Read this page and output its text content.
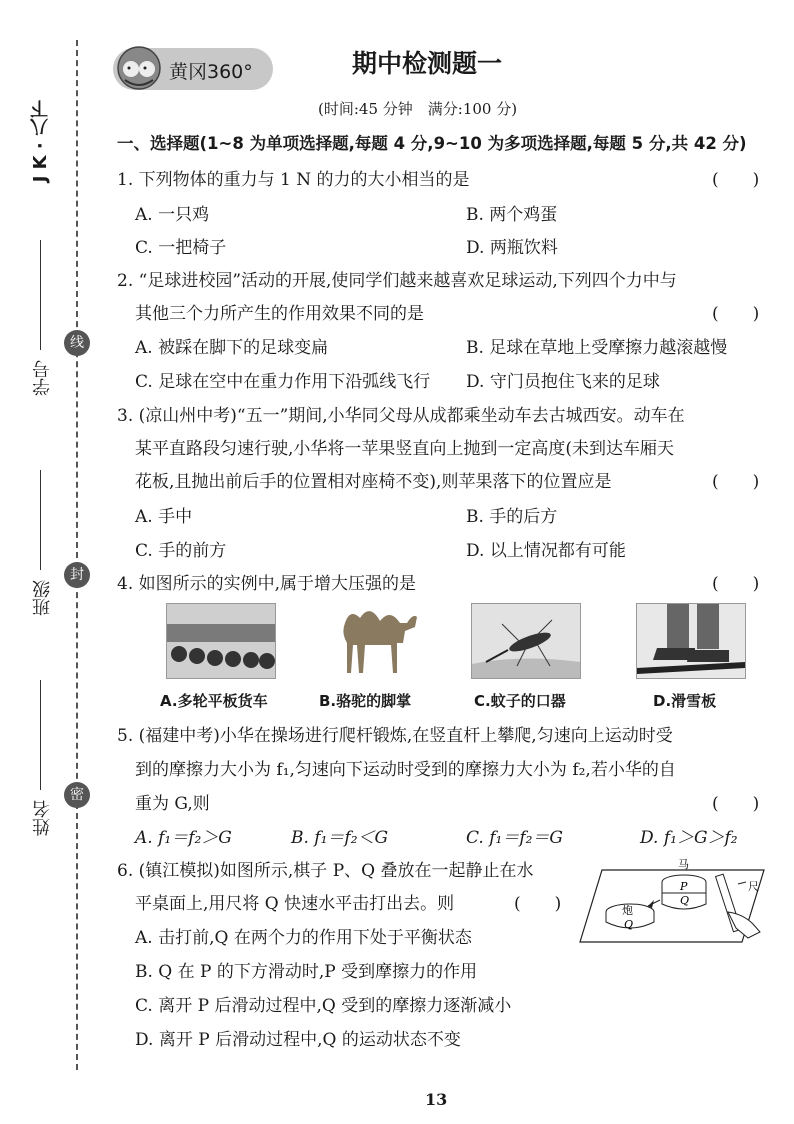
J K · 八下
学号
班级
姓名
线
封
密
黄冈360°	期中检测题一
(时间:45 分钟　满分:100 分)
一、选择题(1~8 为单项选择题,每题 4 分,9~10 为多项选择题,每题 5 分,共 42 分)
1. 下列物体的重力与 1 N 的力的大小相当的是	(　　)
A. 一只鸡	B. 两个鸡蛋
C. 一把椅子	D. 两瓶饮料
2. “足球进校园”活动的开展,使同学们越来越喜欢足球运动,下列四个力中与
其他三个力所产生的作用效果不同的是	(　　)
A. 被踩在脚下的足球变扁	B. 足球在草地上受摩擦力越滚越慢
C. 足球在空中在重力作用下沿弧线飞行 D. 守门员抱住飞来的足球
3. (凉山州中考)“五一”期间,小华同父母从成都乘坐动车去古城西安。动车在
某平直路段匀速行驶,小华将一苹果竖直向上抛到一定高度(未到达车厢天
花板,且抛出前后手的位置相对座椅不变),则苹果落下的位置应是	(　　)
A. 手中	B. 手的后方
C. 手的前方	D. 以上情况都有可能
4. 如图所示的实例中,属于增大压强的是	(　　)
A.多轮平板货车	B.骆驼的脚掌	C.蚊子的口器	D.滑雪板
5. (福建中考)小华在操场进行爬杆锻炼,在竖直杆上攀爬,匀速向上运动时受
到的摩擦力大小为 f₁,匀速向下运动时受到的摩擦力大小为 f₂,若小华的自
重为 G,则	(　　)
A. f₁＝f₂＞G	B. f₁＝f₂＜G	C. f₁＝f₂＝G	D. f₁＞G＞f₂
6. (镇江模拟)如图所示,棋子 P、Q 叠放在一起静止在水
平桌面上,用尺将 Q 快速水平击打出去。则	(　　)
A. 击打前,Q 在两个力的作用下处于平衡状态
B. Q 在 P 的下方滑动时,P 受到摩擦力的作用
C. 离开 P 后滑动过程中,Q 受到的摩擦力逐渐减小
D. 离开 P 后滑动过程中,Q 的运动状态不变
马
P
Q
炮
Q
尺
13
